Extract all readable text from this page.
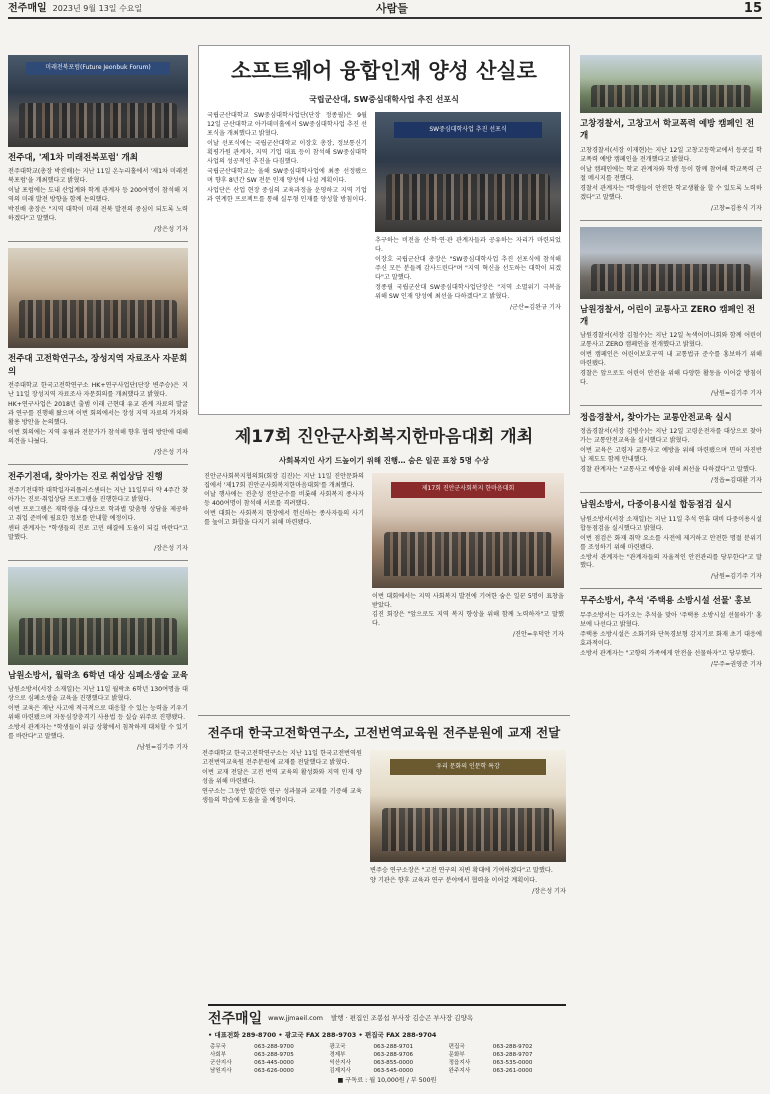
전주매일 2023년 9월 13일 수요일	사람들	15
미래전북포럼(Future Jeonbuk Forum)
전주대, '제1차 미래전북포럼' 개최

전주대학교(총장 박진배)는 지난 11일 온누리홀에서 '제1차 미래전북포럼'을 개최했다고 밝혔다.

이날 포럼에는 도내 산업계와 학계 관계자 등 200여명이 참석해 지역의 미래 발전 방향을 함께 논의했다.

박진배 총장은 "지역 대학이 미래 전북 발전의 중심이 되도록 노력하겠다"고 말했다.

/장은성 기자
전주대 고전학연구소, 장성지역 자료조사 자문회의

전주대학교 한국고전학연구소 HK+연구사업단(단장 변주승)은 지난 11일 장성지역 자료조사 자문회의를 개최했다고 밝혔다.

HK+연구사업은 2018년 출범 이래 근현대 유교 관계 자료의 발굴과 연구를 진행해 왔으며 이번 회의에서는 장성 지역 자료의 가치와 활용 방안을 논의했다.

이번 회의에는 지역 유림과 전문가가 참석해 향후 협력 방안에 대해 의견을 나눴다.

/장은성 기자
전주기전대, 찾아가는 진로 취업상담 진행

전주기전대학 대학일자리플러스센터는 지난 11일부터 약 4주간 찾아가는 진로·취업상담 프로그램을 진행한다고 밝혔다.

이번 프로그램은 재학생을 대상으로 학과별 맞춤형 상담을 제공하고 취업 준비에 필요한 정보를 안내할 예정이다.

센터 관계자는 "학생들의 진로 고민 해결에 도움이 되길 바란다"고 말했다.

/장은성 기자
남원소방서, 월락초 6학년 대상 심폐소생술 교육

남원소방서(서장 소재일)는 지난 11일 월락초 6학년 130여명을 대상으로 심폐소생술 교육을 진행했다고 밝혔다.

이번 교육은 재난 사고에 적극적으로 대응할 수 있는 능력을 키우기 위해 마련됐으며 자동심장충격기 사용법 등 실습 위주로 진행됐다.

소방서 관계자는 "학생들이 위급 상황에서 침착하게 대처할 수 있기를 바란다"고 말했다.

/남원=김기주 기자
소프트웨어 융합인재 양성 산실로
국립군산대, SW중심대학사업 추진 선포식

국립군산대학교 SW중심대학사업단(단장 정종필)은 9월 12일 군산대학교 아카데미홀에서 SW중심대학사업 추진 선포식을 개최했다고 밝혔다.

이날 선포식에는 국립군산대학교 이장호 총장, 정보통신기획평가원 관계자, 지역 기업 대표 등이 참석해 SW중심대학사업의 성공적인 추진을 다짐했다.

국립군산대학교는 올해 SW중심대학사업에 최종 선정됐으며 향후 8년간 SW 전문 인재 양성에 나설 계획이다.

사업단은 산업 현장 중심의 교육과정을 운영하고 지역 기업과 연계한 프로젝트를 통해 실무형 인재를 양성할 방침이다.

SW중심대학사업 추진 선포식

추구하는 비전을 산·학·연·관 관계자들과 공유하는 자리가 마련되었다.

이장호 국립군산대 총장은 "SW중심대학사업 추진 선포식에 참석해 주신 모든 분들께 감사드린다"며 "지역 혁신을 선도하는 대학이 되겠다"고 말했다.

정종필 국립군산대 SW중심대학사업단장은 "지역 소멸위기 극복을 위해 SW 인재 양성에 최선을 다하겠다"고 밝혔다.

/군산=김완규 기자
제17회 진안군사회복지한마음대회 개최
사회복지인 사기 드높이기 위해 진행… 숨은 일꾼 표창 5명 수상

진안군사회복지협의회(회장 김진)는 지난 11일 진안문화의집에서 '제17회 진안군사회복지한마음대회'를 개최했다.

이날 행사에는 전춘성 진안군수를 비롯해 사회복지 종사자 등 400여명이 참석해 서로를 격려했다.

이번 대회는 사회복지 현장에서 헌신하는 종사자들의 사기를 높이고 화합을 다지기 위해 마련됐다.

제17회 진안군사회복지 한마음대회

이번 대회에서는 지역 사회복지 발전에 기여한 숨은 일꾼 5명이 표창을 받았다.

김진 회장은 "앞으로도 지역 복지 향상을 위해 함께 노력하자"고 말했다.

/진안=우덕안 기자
전주대 한국고전학연구소, 고전번역교육원 전주분원에 교재 전달

전주대학교 한국고전학연구소는 지난 11일 한국고전번역원 고전번역교육원 전주분원에 교재를 전달했다고 밝혔다.

이번 교재 전달은 고전 번역 교육의 활성화와 지역 인재 양성을 위해 마련됐다.

연구소는 그동안 발간한 연구 성과물과 교재를 기증해 교육생들의 학습에 도움을 줄 예정이다.

우리 문화의 인문학 특강

변주승 연구소장은 "고전 연구의 저변 확대에 기여하겠다"고 말했다.

양 기관은 향후 교육과 연구 분야에서 협력을 이어갈 계획이다.

/장은성 기자
전주매일 www.jjmaeil.com 발행 · 편집인 조봉섭 부사장 김승곤 부사장 김양옥
• 대표전화 289-8700 • 광고국 FAX 288-9703 • 편집국 FAX 288-9704
총무국	063-288-9700	광고국	063-288-9701	편집국	063-288-9702
사회부	063-288-9705	경제부	063-288-9706	문화부	063-288-9707
군산지사	063-445-0000	익산지사	063-855-0000	정읍지사	063-535-0000
남원지사	063-626-0000	김제지사	063-545-0000	완주지사	063-261-0000
■ 구독료 : 월 10,000원 / 부 500원
고창경찰서, 고창고서 학교폭력 예방 캠페인 전개

고창경찰서(서장 이재현)는 지난 12일 고창고등학교에서 등굣길 학교폭력 예방 캠페인을 전개했다고 밝혔다.

이날 캠페인에는 학교 관계자와 학생 등이 함께 참여해 학교폭력 근절 메시지를 전했다.

경찰서 관계자는 "학생들이 안전한 학교생활을 할 수 있도록 노력하겠다"고 말했다.

/고창=김용식 기자
남원경찰서, 어린이 교통사고 ZERO 캠페인 전개

남원경찰서(서장 김철수)는 지난 12일 녹색어머니회와 함께 어린이 교통사고 ZERO 캠페인을 전개했다고 밝혔다.

이번 캠페인은 어린이보호구역 내 교통법규 준수를 홍보하기 위해 마련됐다.

경찰은 앞으로도 어린이 안전을 위해 다양한 활동을 이어갈 방침이다.

/남원=김기주 기자
정읍경찰서, 찾아가는 교통안전교육 실시

정읍경찰서(서장 김병수)는 지난 12일 고령운전자를 대상으로 찾아가는 교통안전교육을 실시했다고 밝혔다.

이번 교육은 고령자 교통사고 예방을 위해 마련됐으며 면허 자진반납 제도도 함께 안내했다.

경찰 관계자는 "교통사고 예방을 위해 최선을 다하겠다"고 말했다.

/정읍=김대환 기자
남원소방서, 다중이용시설 합동점검 실시

남원소방서(서장 소재일)는 지난 11일 추석 연휴 대비 다중이용시설 합동점검을 실시했다고 밝혔다.

이번 점검은 화재 취약 요소를 사전에 제거하고 안전한 명절 분위기를 조성하기 위해 마련됐다.

소방서 관계자는 "관계자들의 자율적인 안전관리를 당부한다"고 말했다.

/남원=김기주 기자
무주소방서, 추석 '주택용 소방시설 선물' 홍보

무주소방서는 다가오는 추석을 맞아 '주택용 소방시설 선물하기' 홍보에 나선다고 밝혔다.

주택용 소방시설은 소화기와 단독경보형 감지기로 화재 초기 대응에 효과적이다.

소방서 관계자는 "고향의 가족에게 안전을 선물하자"고 당부했다.

/무주=권영준 기자
